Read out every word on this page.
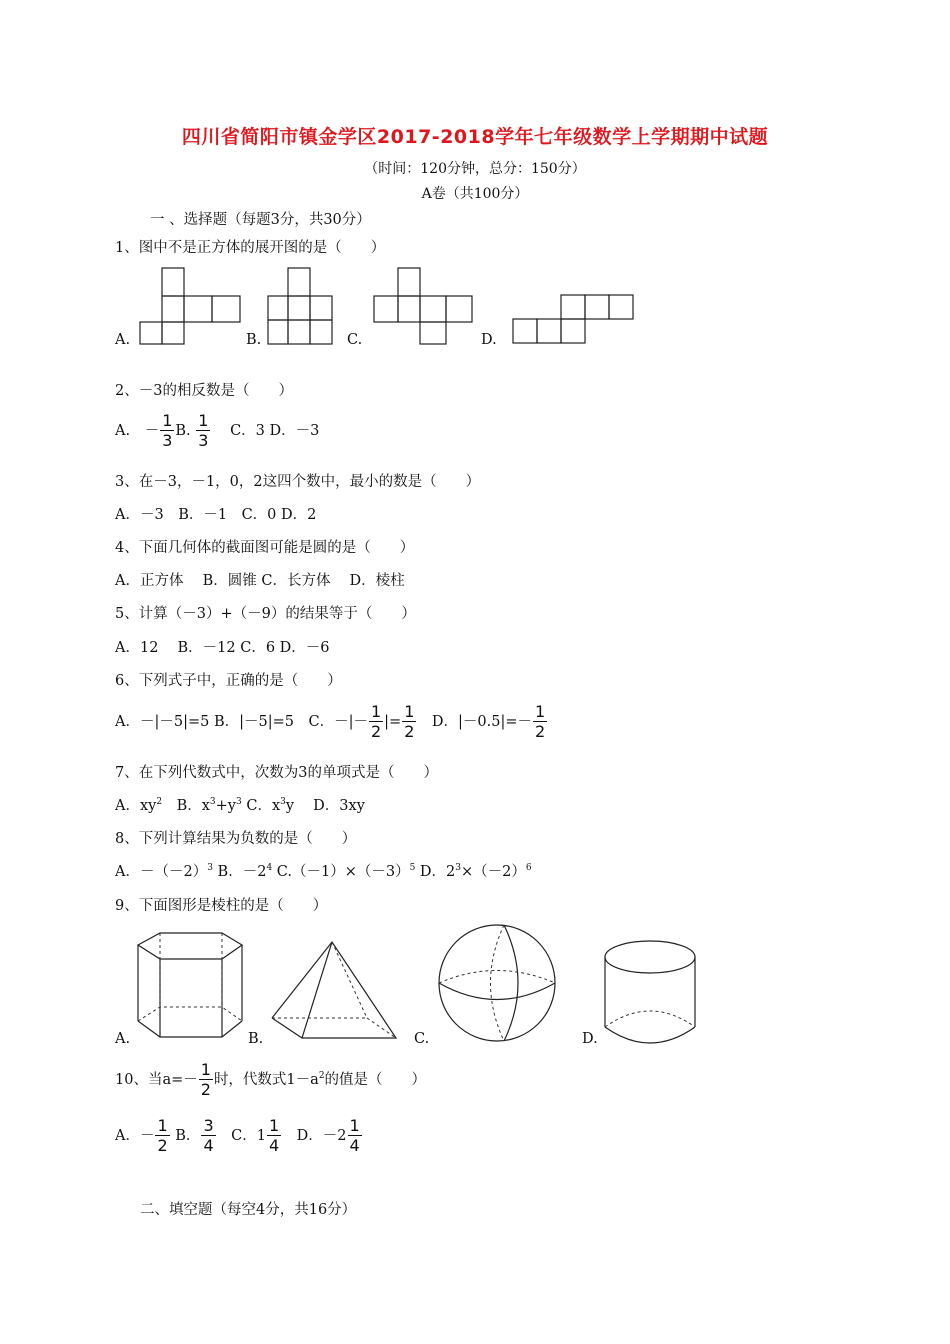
四川省简阳市镇金学区2017-2018学年七年级数学上学期期中试题
（时间：120分钟，总分：150分）
A卷（共100分）
一 、选择题（每题3分，共30分）
1、图中不是正方体的展开图的是（　　）
A.	B.	C.	D.
2、－3的相反数是（　　）
A. － $\frac{1}{3} B$. $\frac{1}{3}$ C．3 D．－3
3、在－3，－1，0，2这四个数中，最小的数是（　　）
A．－3　B．－1　C．0 D．2
4、下面几何体的截面图可能是圆的是（　　）
A．正方体　 B．圆锥 C．长方体　 D．棱柱
5、计算（－3）+（－9）的结果等于（　　）
A．12　 B．－12 C．6 D．－6
6、下列式子中，正确的是（　　）
A．－|－5|=5 B．|－5|=5　C．－|－ $\frac{1}{2}$ |= $\frac{1}{2}$ 　D．$|-0.5|=- \frac{1}{2}$
7、在下列代数式中，次数为3的单项式是（　　）
A．$xy^2$　B．$x^3+y^3$ C．$x^3y$　 D．3xy
8、下列计算结果为负数的是（　　）
A．$-(-2)^3$ B．$-2^4$ $C.(-1)\times(-3)^5$ D．$2^3\times(-2)^6$
9、下面图形是棱柱的是（　　）
A.	B.	C.	D.
10、当$a=- \frac{1}{2}$ 时，代数式$1-a^2$的值是（　　）
A．－ $\frac{1}{2}$ B． $\frac{3}{4}$ 　C．$1 \frac{1}{4}$ 　D．$-2 \frac{1}{4}$
二、填空题（每空4分，共16分）
